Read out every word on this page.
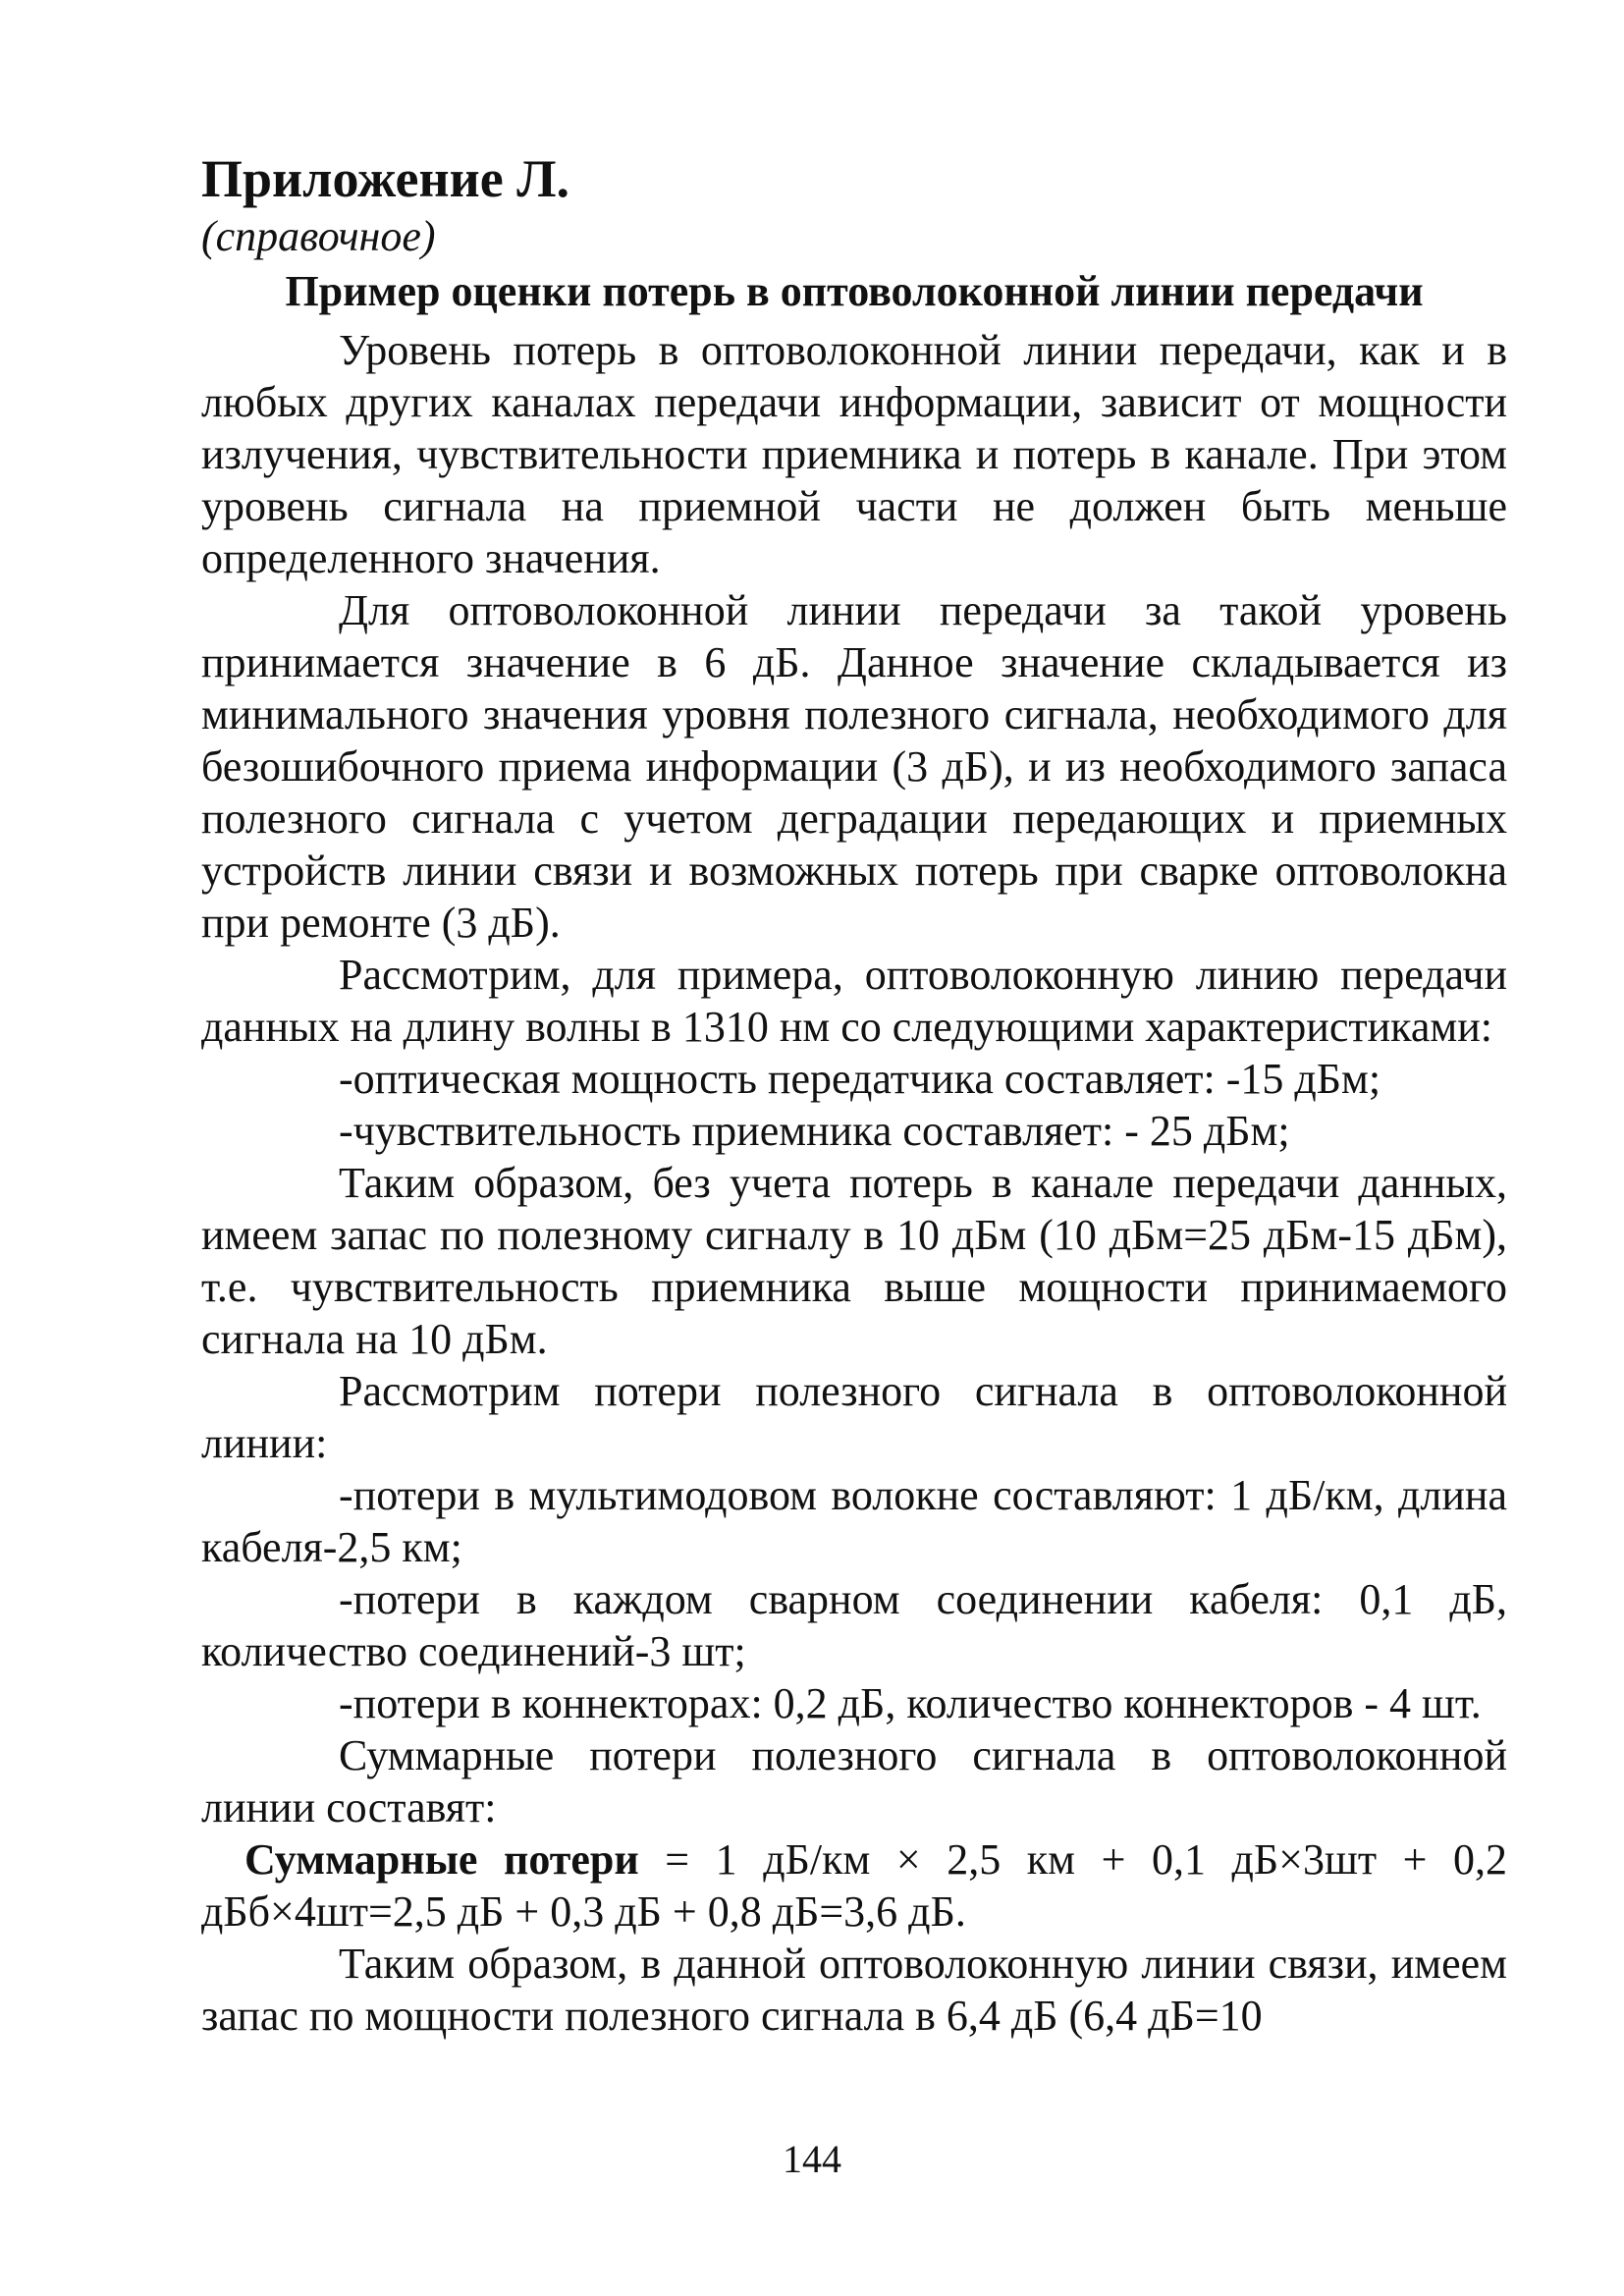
Приложение Л.

(справочное)

Пример оценки потерь в оптоволоконной линии передачи

Уровень потерь в оптоволоконной линии передачи, как и в любых других каналах передачи информации, зависит от мощности излучения, чувствительности приемника и потерь в канале. При этом уровень сигнала на приемной части не должен быть меньше определенного значения.

Для оптоволоконной линии передачи за такой уровень принимается значение в 6 дБ. Данное значение складывается из минимального значения уровня полезного сигнала, необходимого для безошибочного приема информации (3 дБ), и из необходимого запаса полезного сигнала с учетом деградации передающих и приемных устройств линии связи и возможных потерь при сварке оптоволокна при ремонте (3 дБ).

Рассмотрим, для примера, оптоволоконную линию передачи данных на длину волны в 1310 нм со следующими характеристиками:

-оптическая мощность передатчика составляет: -15 дБм;

-чувствительность приемника составляет: - 25 дБм;

Таким образом, без учета потерь в канале передачи данных, имеем запас по полезному сигналу в 10 дБм (10 дБм=25 дБм-15 дБм), т.е. чувствительность приемника выше мощности принимаемого сигнала на 10 дБм.

Рассмотрим потери полезного сигнала в оптоволоконной линии:

-потери в мультимодовом волокне составляют: 1 дБ/км, длина кабеля-2,5 км;

-потери в каждом сварном соединении кабеля: 0,1 дБ, количество соединений-3 шт;

-потери в коннекторах: 0,2 дБ, количество коннекторов - 4 шт.

Суммарные потери полезного сигнала в оптоволоконной линии составят:

Суммарные потери = 1 дБ/км × 2,5 км + 0,1 дБ×3шт + 0,2 дБб×4шт=2,5 дБ + 0,3 дБ + 0,8 дБ=3,6 дБ.

Таким образом, в данной оптоволоконную линии связи, имеем запас по мощности полезного сигнала в 6,4 дБ (6,4 дБ=10

144
